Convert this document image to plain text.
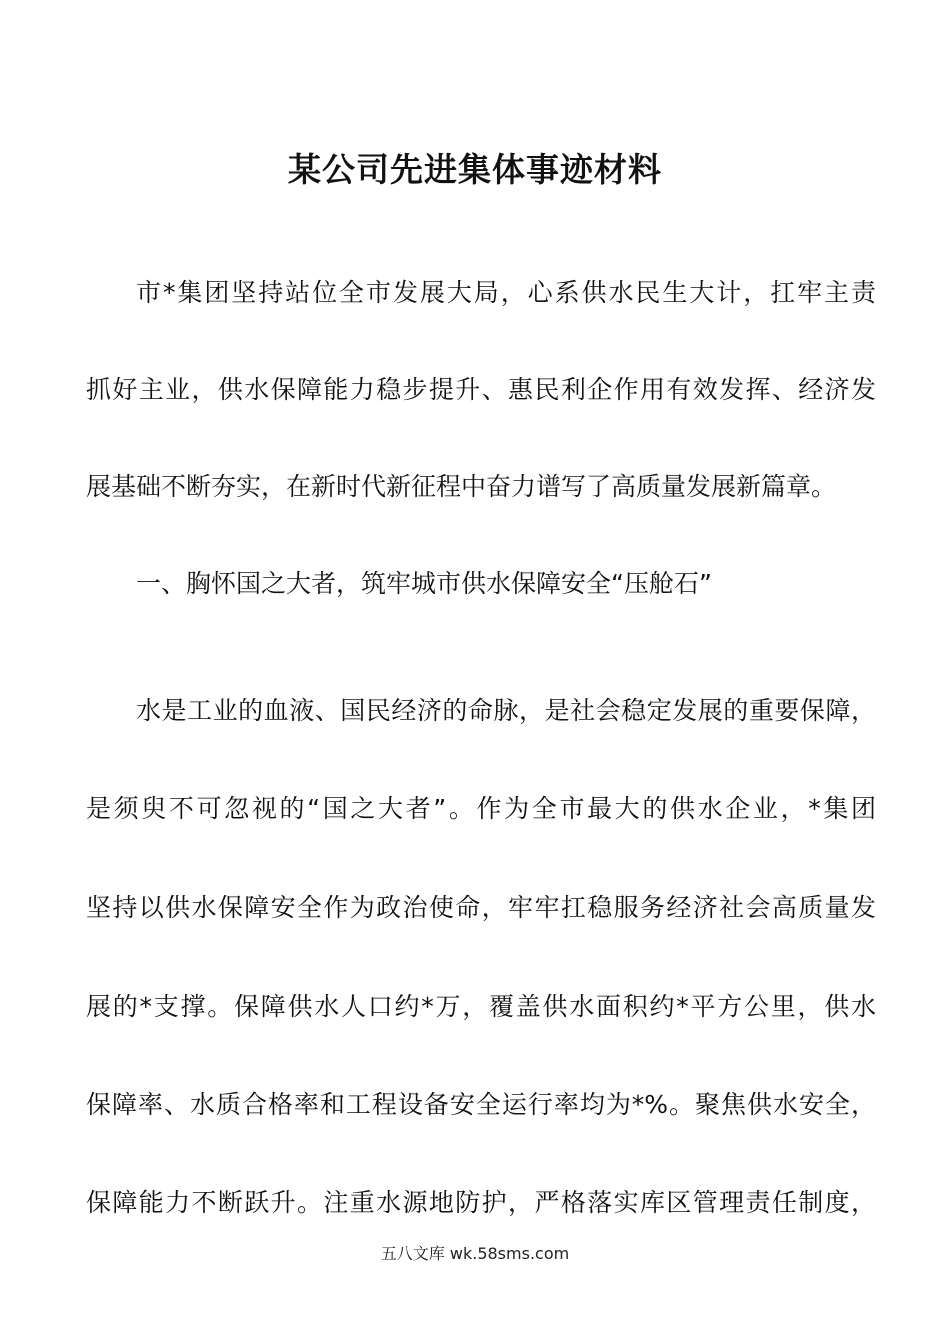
某公司先进集体事迹材料
市*集团坚持站位全市发展大局，心系供水民生大计，扛牢主责
抓好主业，供水保障能力稳步提升、惠民利企作用有效发挥、经济发
展基础不断夯实，在新时代新征程中奋力谱写了高质量发展新篇章。
一、胸怀国之大者，筑牢城市供水保障安全“压舱石”
水是工业的血液、国民经济的命脉，是社会稳定发展的重要保障，
是须臾不可忽视的“国之大者”。作为全市最大的供水企业，*集团
坚持以供水保障安全作为政治使命，牢牢扛稳服务经济社会高质量发
展的*支撑。保障供水人口约*万，覆盖供水面积约*平方公里，供水
保障率、水质合格率和工程设备安全运行率均为*%。聚焦供水安全，
保障能力不断跃升。注重水源地防护，严格落实库区管理责任制度，
五八文库 wk.58sms.com
